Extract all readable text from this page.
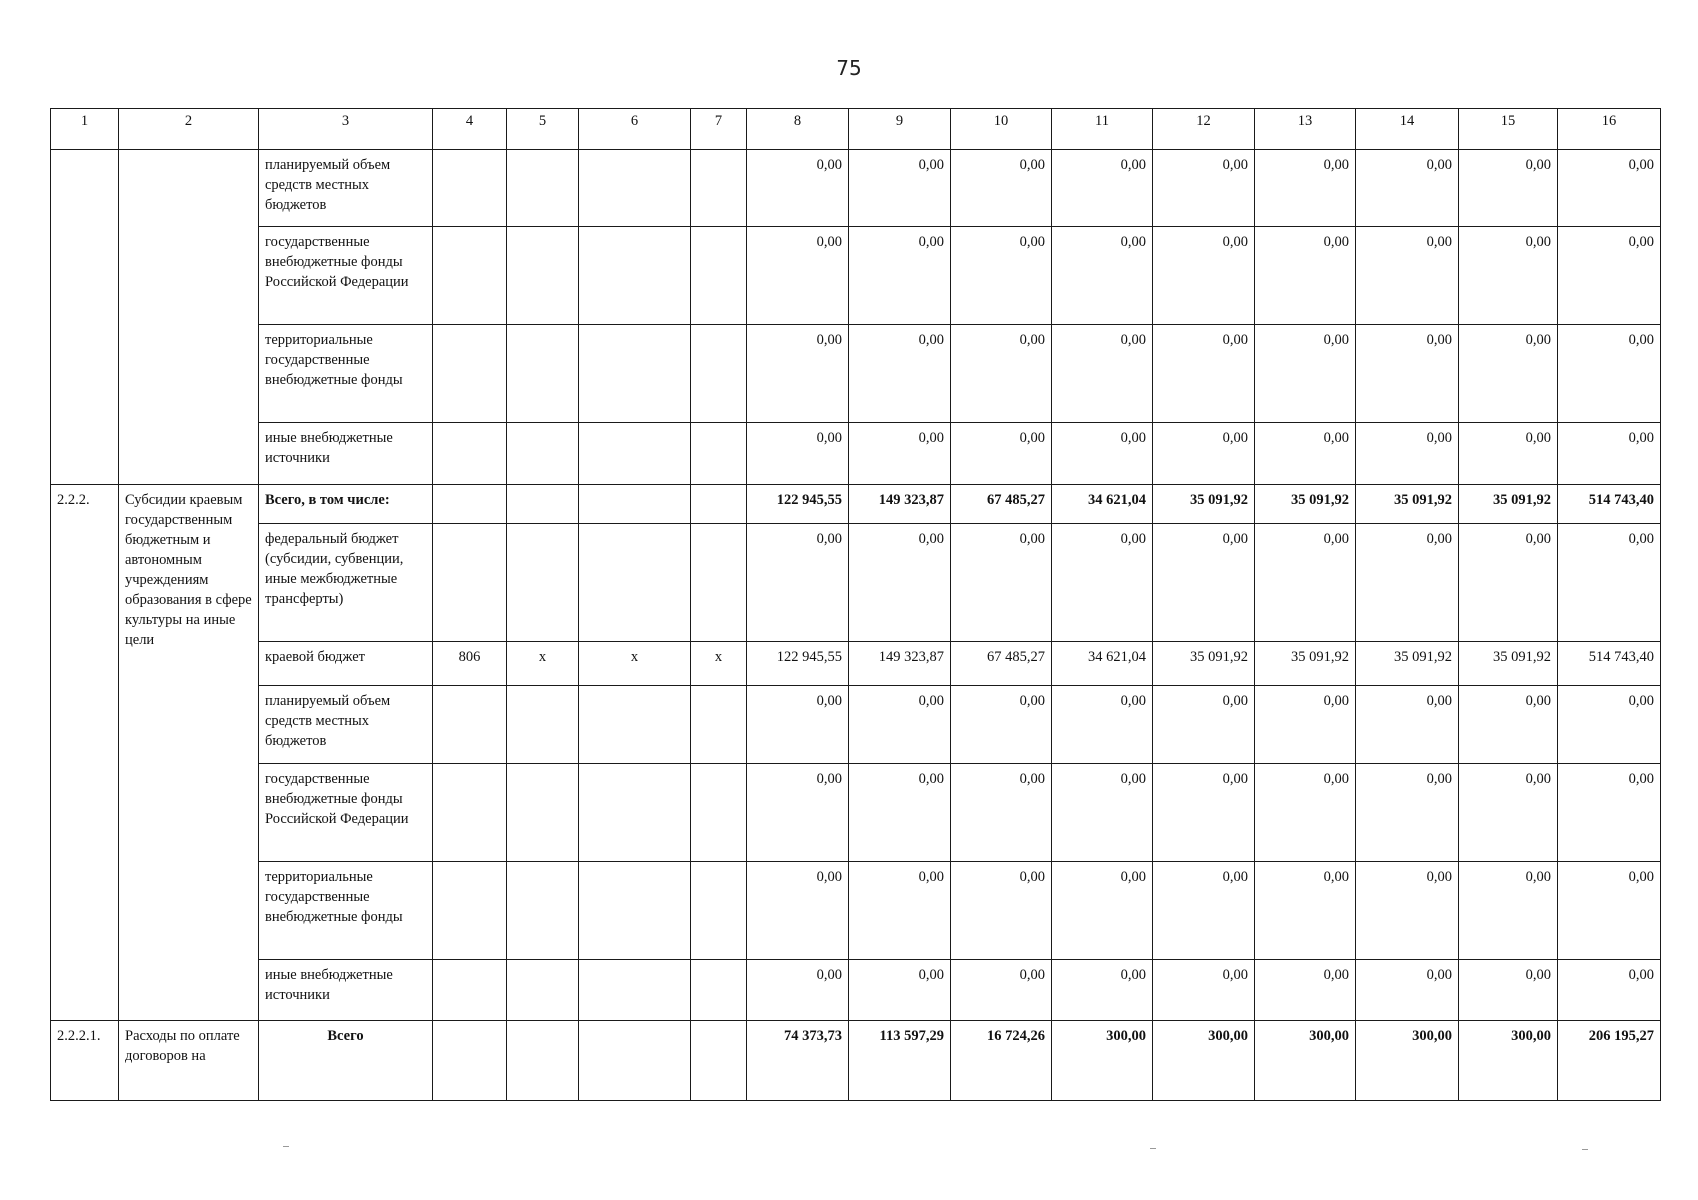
75
1	2	3	4	5	6	7	8	9	10	11	12	13	14	15	16
		планируемый объем средств местных бюджетов					0,00	0,00	0,00	0,00	0,00	0,00	0,00	0,00	0,00
		государственные внебюджетные фонды Российской Федерации					0,00	0,00	0,00	0,00	0,00	0,00	0,00	0,00	0,00
		территориальные государственные внебюджетные фонды					0,00	0,00	0,00	0,00	0,00	0,00	0,00	0,00	0,00
		иные внебюджетные источники					0,00	0,00	0,00	0,00	0,00	0,00	0,00	0,00	0,00
2.2.2.	Субсидии краевым государственным бюджетным и автономным учреждениям образования в сфере культуры на иные цели	Всего, в том числе:					122 945,55	149 323,87	67 485,27	34 621,04	35 091,92	35 091,92	35 091,92	35 091,92	514 743,40
		федеральный бюджет (субсидии, субвенции, иные межбюджетные трансферты)					0,00	0,00	0,00	0,00	0,00	0,00	0,00	0,00	0,00
		краевой бюджет	806	x	x	x	122 945,55	149 323,87	67 485,27	34 621,04	35 091,92	35 091,92	35 091,92	35 091,92	514 743,40
		планируемый объем средств местных бюджетов					0,00	0,00	0,00	0,00	0,00	0,00	0,00	0,00	0,00
		государственные внебюджетные фонды Российской Федерации					0,00	0,00	0,00	0,00	0,00	0,00	0,00	0,00	0,00
		территориальные государственные внебюджетные фонды					0,00	0,00	0,00	0,00	0,00	0,00	0,00	0,00	0,00
		иные внебюджетные источники					0,00	0,00	0,00	0,00	0,00	0,00	0,00	0,00	0,00
2.2.2.1.	Расходы по оплате договоров на	Всего					74 373,73	113 597,29	16 724,26	300,00	300,00	300,00	300,00	300,00	206 195,27
